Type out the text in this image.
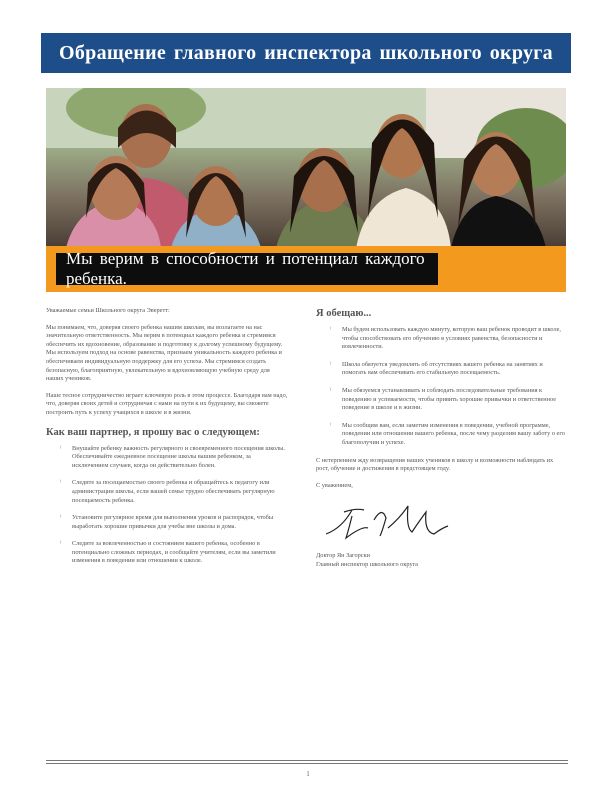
Обращение главного инспектора школьного округа
Мы верим в способности и потенциал каждого ребенка.

Уважаемые семьи Школьного округа Эверетт:

Мы понимаем, что, доверяя своего ребенка нашим школам, вы возлагаете на нас значительную ответственность. Мы верим в потенциал каждого ребенка и стремимся обеспечить их вдохновение, образование и подготовку к долгому успешному будущему. Мы используем подход на основе равенства, признаем уникальность каждого ребенка и обеспечиваем индивидуальную поддержку для его успеха. Мы стремимся создать безопасную, благоприятную, увлекательную и вдохновляющую учебную среду для наших учеников.

Наше тесное сотрудничество играет ключевую роль в этом процессе. Благодаря вам надо, что, доверяя своих детей и сотрудничая с нами на пути к их будущему, вы сможете построить путь к успеху учащихся в школе и в жизни.

Как ваш партнер, я прошу вас о следующем:
ᶠ Внушайте ребенку важность регулярного и своевременного посещения школы. Обеспечивайте ежедневное посещение школы вашим ребенком, за исключением случаев, когда он действительно болен.
ᶠ Следите за посещаемостью своего ребенка и обращайтесь к педагогу или администрации школы, если вашей семье трудно обеспечивать регулярную посещаемость ребенка.
ᶠ Установите регулярное время для выполнения уроков и распорядок, чтобы выработать хорошие привычки для учебы вне школы и дома.
ᶠ Следите за вовлеченностью и состоянием вашего ребенка, особенно в потенциально сложных периодах, и сообщайте учителям, если вы заметили изменения в поведении или отношении к школе.
Я обещаю...
ᶠ Мы будем использовать каждую минуту, которую ваш ребенок проводит в школе, чтобы способствовать его обучению в условиях равенства, безопасности и вовлеченности.
ᶠ Школа обязуется уведомлять об отсутствиях вашего ребенка на занятиях и помогать вам обеспечивать его стабильную посещаемость.
ᶠ Мы обязуемся устанавливать и соблюдать последовательные требования к поведению и успеваемости, чтобы привить хорошие привычки и ответственное поведение в школе и в жизни.
ᶠ Мы сообщим вам, если заметим изменения в поведении, учебной программе, поведении или отношении вашего ребенка, после чему разделим вашу заботу о его благополучии и успехе.

С нетерпением жду возвращения наших учеников в школу и возможности наблюдать их рост, обучение и достижения в предстоящем году.

С уважением,

Доктор Ян Загорски
Главный инспектор школьного округа
1
